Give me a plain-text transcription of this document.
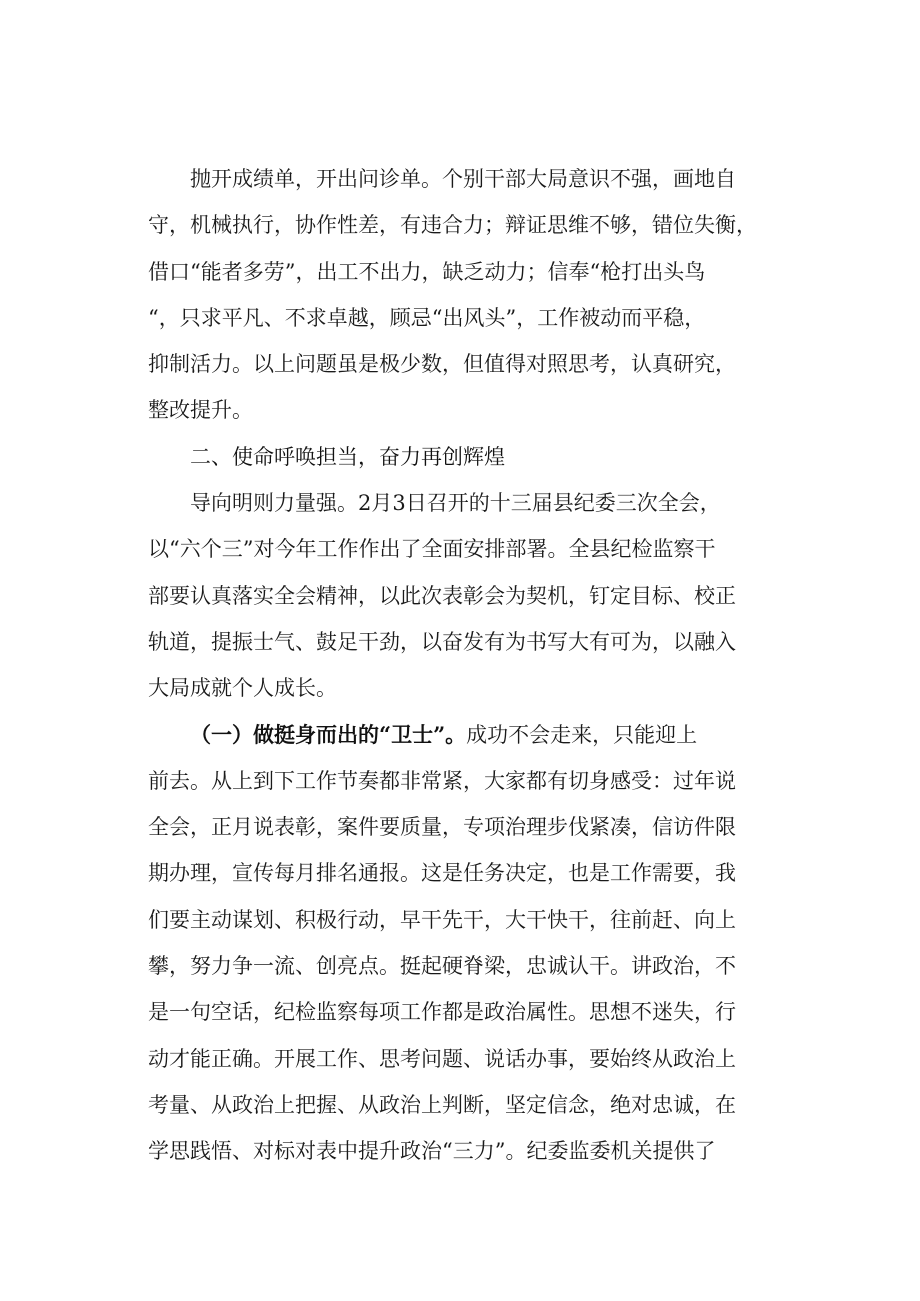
抛开成绩单，开出问诊单。个别干部大局意识不强，画地自
守，机械执行，协作性差，有违合力；辩证思维不够，错位失衡，
借口“能者多劳”，出工不出力，缺乏动力；信奉“枪打出头鸟
“，只求平凡、不求卓越，顾忌“出风头”，工作被动而平稳，
抑制活力。以上问题虽是极少数，但值得对照思考，认真研究，
整改提升。

二、使命呼唤担当，奋力再创辉煌

导向明则力量强。2月3日召开的十三届县纪委三次全会，
以“六个三”对今年工作作出了全面安排部署。全县纪检监察干
部要认真落实全会精神，以此次表彰会为契机，钉定目标、校正
轨道，提振士气、鼓足干劲，以奋发有为书写大有可为，以融入
大局成就个人成长。

（一）做挺身而出的“卫士”。成功不会走来，只能迎上
前去。从上到下工作节奏都非常紧，大家都有切身感受：过年说
全会，正月说表彰，案件要质量，专项治理步伐紧凑，信访件限
期办理，宣传每月排名通报。这是任务决定，也是工作需要，我
们要主动谋划、积极行动，早干先干，大干快干，往前赶、向上
攀，努力争一流、创亮点。挺起硬脊梁，忠诚认干。讲政治，不
是一句空话，纪检监察每项工作都是政治属性。思想不迷失，行
动才能正确。开展工作、思考问题、说话办事，要始终从政治上
考量、从政治上把握、从政治上判断，坚定信念，绝对忠诚，在
学思践悟、对标对表中提升政治“三力”。纪委监委机关提供了
